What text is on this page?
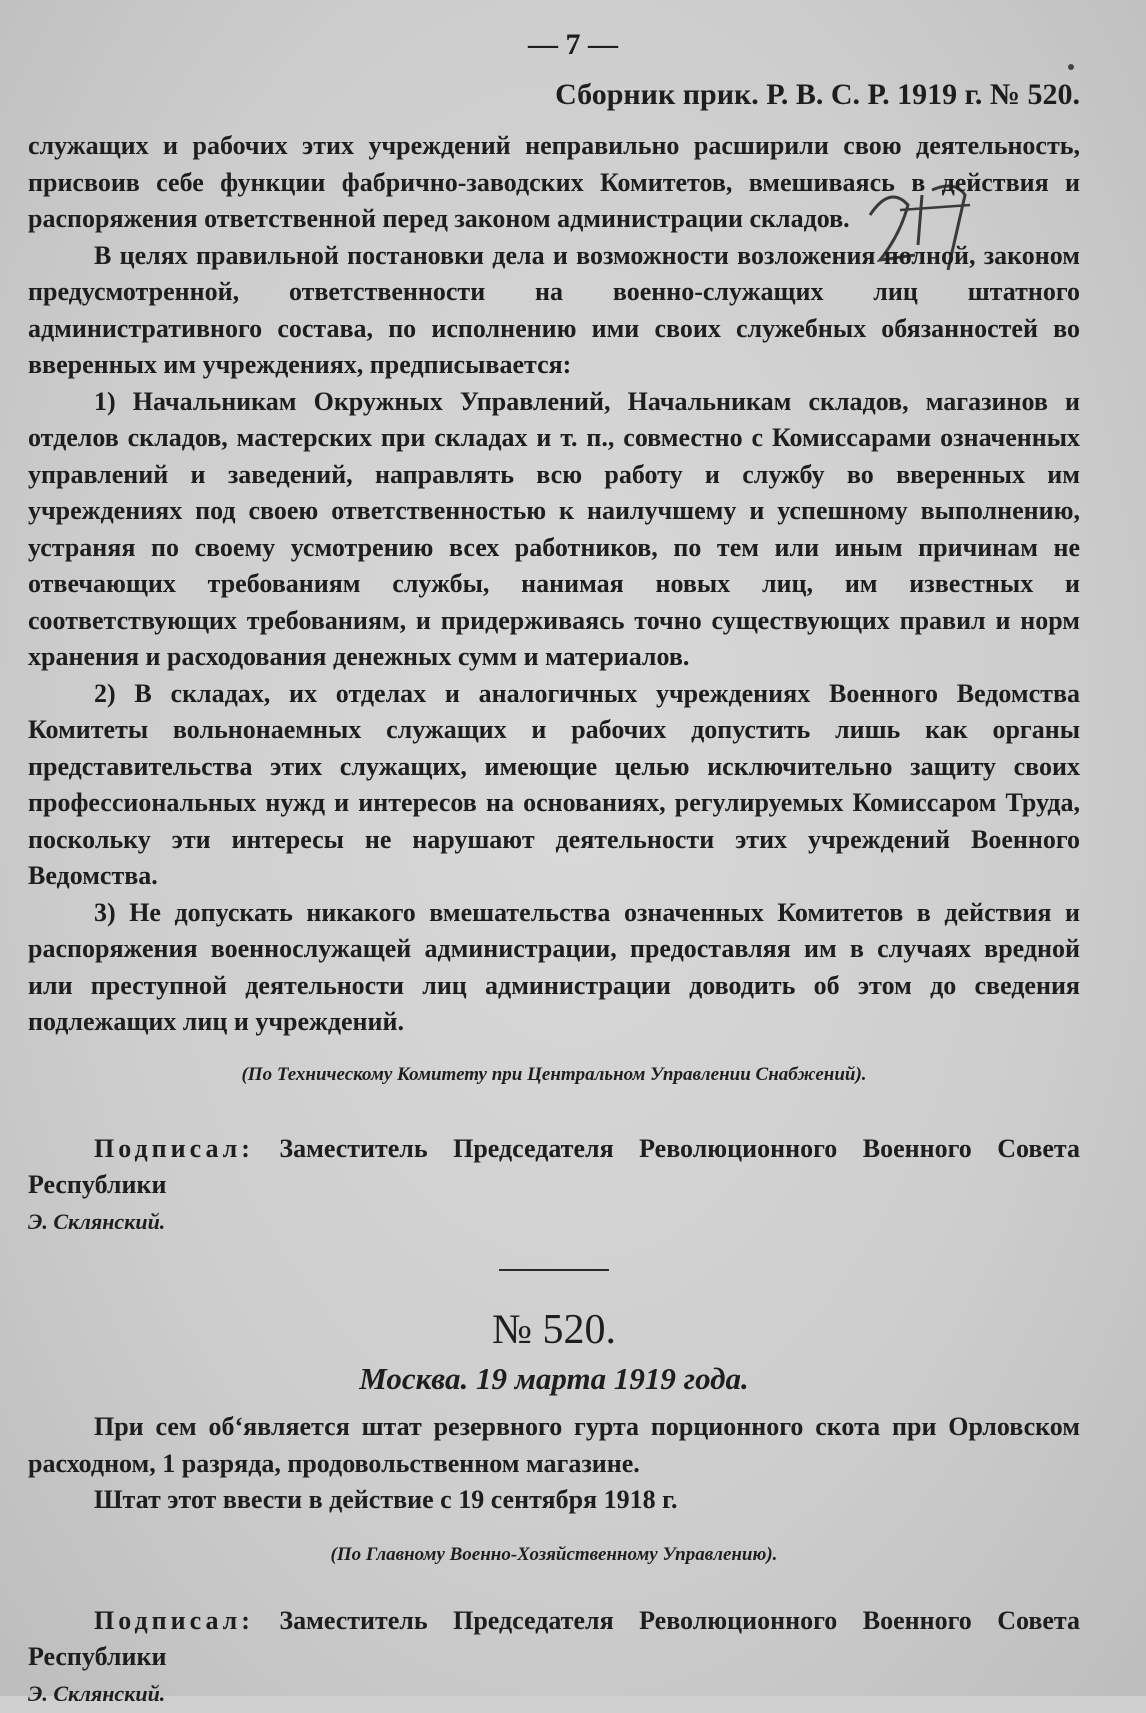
— 7 —
Сборник прик. Р. В. С. Р. 1919 г. № 520.

служащих и рабочих этих учреждений неправильно расширили свою деятельность, присвоив себе функции фабрично-заводских Комитетов, вмешиваясь в действия и распоряжения ответственной перед законом администрации складов.

В целях правильной постановки дела и возможности возложения полной, законом предусмотренной, ответственности на военно-служащих лиц штатного административного состава, по исполнению ими своих служебных обязанностей во вверенных им учреждениях, предписывается:

1) Начальникам Окружных Управлений, Начальникам складов, магазинов и отделов складов, мастерских при складах и т. п., совместно с Комиссарами означенных управлений и заведений, направлять всю работу и службу во вверенных им учреждениях под своею ответственностью к наилучшему и успешному выполнению, устраняя по своему усмотрению всех работников, по тем или иным причинам не отвечающих требованиям службы, нанимая новых лиц, им известных и соответствующих требованиям, и придерживаясь точно существующих правил и норм хранения и расходования денежных сумм и материалов.

2) В складах, их отделах и аналогичных учреждениях Военного Ведомства Комитеты вольнонаемных служащих и рабочих допустить лишь как органы представительства этих служащих, имеющие целью исключительно защиту своих профессиональных нужд и интересов на основаниях, регулируемых Комиссаром Труда, поскольку эти интересы не нарушают деятельности этих учреждений Военного Ведомства.

3) Не допускать никакого вмешательства означенных Комитетов в действия и распоряжения военнослужащей администрации, предоставляя им в случаях вредной или преступной деятельности лиц администрации доводить об этом до сведения подлежащих лиц и учреждений.

(По Техническому Комитету при Центральном Управлении Снабжений).

Подписал: Заместитель Председателя Революционного Военного Совета Республики

Э. Склянский.

№ 520.

Москва. 19 марта 1919 года.

При сем об‘является штат резервного гурта порционного скота при Орловском расходном, 1 разряда, продовольственном магазине.

Штат этот ввести в действие с 19 сентября 1918 г.

(По Главному Военно-Хозяйственному Управлению).

Подписал: Заместитель Председателя Революционного Военного Совета Республики

Э. Склянский.
